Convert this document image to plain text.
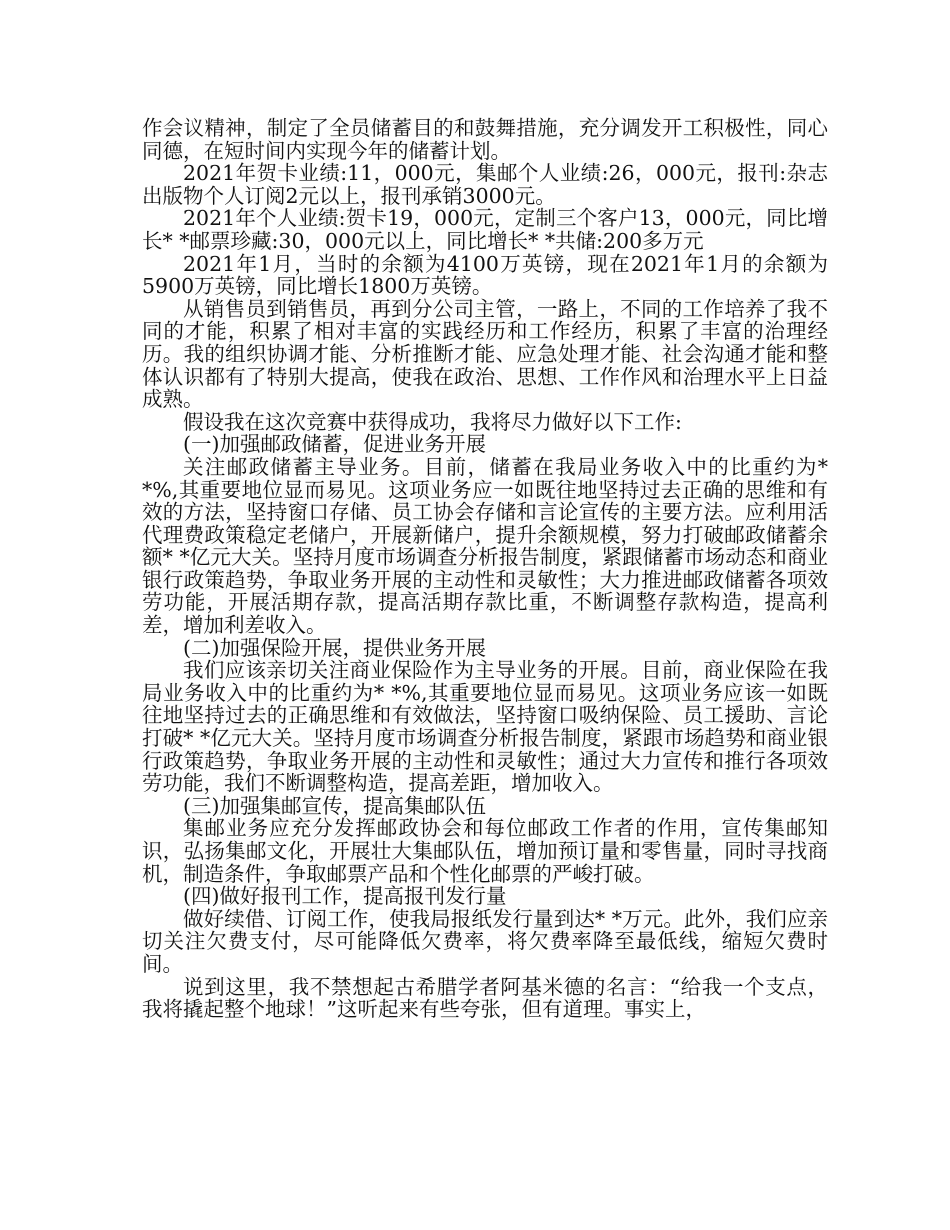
作会议精神，制定了全员储蓄目的和鼓舞措施，充分调发开工积极性，同心同德，在短时间内实现今年的储蓄计划。

2021年贺卡业绩:11，000元，集邮个人业绩:26，000元，报刊:杂志出版物个人订阅2元以上，报刊承销3000元。

2021年个人业绩:贺卡19，000元，定制三个客户13，000元，同比增长* *邮票珍藏:30，000元以上，同比增长* *共储:200多万元

2021年1月，当时的余额为4100万英镑，现在2021年1月的余额为5900万英镑，同比增长1800万英镑。

从销售员到销售员，再到分公司主管，一路上，不同的工作培养了我不同的才能，积累了相对丰富的实践经历和工作经历，积累了丰富的治理经历。我的组织协调才能、分析推断才能、应急处理才能、社会沟通才能和整体认识都有了特别大提高，使我在政治、思想、工作作风和治理水平上日益成熟。

假设我在这次竞赛中获得成功，我将尽力做好以下工作:

(一)加强邮政储蓄，促进业务开展

关注邮政储蓄主导业务。目前，储蓄在我局业务收入中的比重约为* *%,其重要地位显而易见。这项业务应一如既往地坚持过去正确的思维和有效的方法，坚持窗口存储、员工协会存储和言论宣传的主要方法。应利用活代理费政策稳定老储户，开展新储户，提升余额规模，努力打破邮政储蓄余额* *亿元大关。坚持月度市场调查分析报告制度，紧跟储蓄市场动态和商业银行政策趋势，争取业务开展的主动性和灵敏性；大力推进邮政储蓄各项效劳功能，开展活期存款，提高活期存款比重，不断调整存款构造，提高利差，增加利差收入。

(二)加强保险开展，提供业务开展

我们应该亲切关注商业保险作为主导业务的开展。目前，商业保险在我局业务收入中的比重约为* *%,其重要地位显而易见。这项业务应该一如既往地坚持过去的正确思维和有效做法，坚持窗口吸纳保险、员工援助、言论打破* *亿元大关。坚持月度市场调查分析报告制度，紧跟市场趋势和商业银行政策趋势，争取业务开展的主动性和灵敏性；通过大力宣传和推行各项效劳功能，我们不断调整构造，提高差距，增加收入。

(三)加强集邮宣传，提高集邮队伍

集邮业务应充分发挥邮政协会和每位邮政工作者的作用，宣传集邮知识，弘扬集邮文化，开展壮大集邮队伍，增加预订量和零售量，同时寻找商机，制造条件，争取邮票产品和个性化邮票的严峻打破。

(四)做好报刊工作，提高报刊发行量

做好续借、订阅工作，使我局报纸发行量到达* *万元。此外，我们应亲切关注欠费支付，尽可能降低欠费率，将欠费率降至最低线，缩短欠费时间。

说到这里，我不禁想起古希腊学者阿基米德的名言：“给我一个支点，我将撬起整个地球！”这听起来有些夸张，但有道理。事实上，
